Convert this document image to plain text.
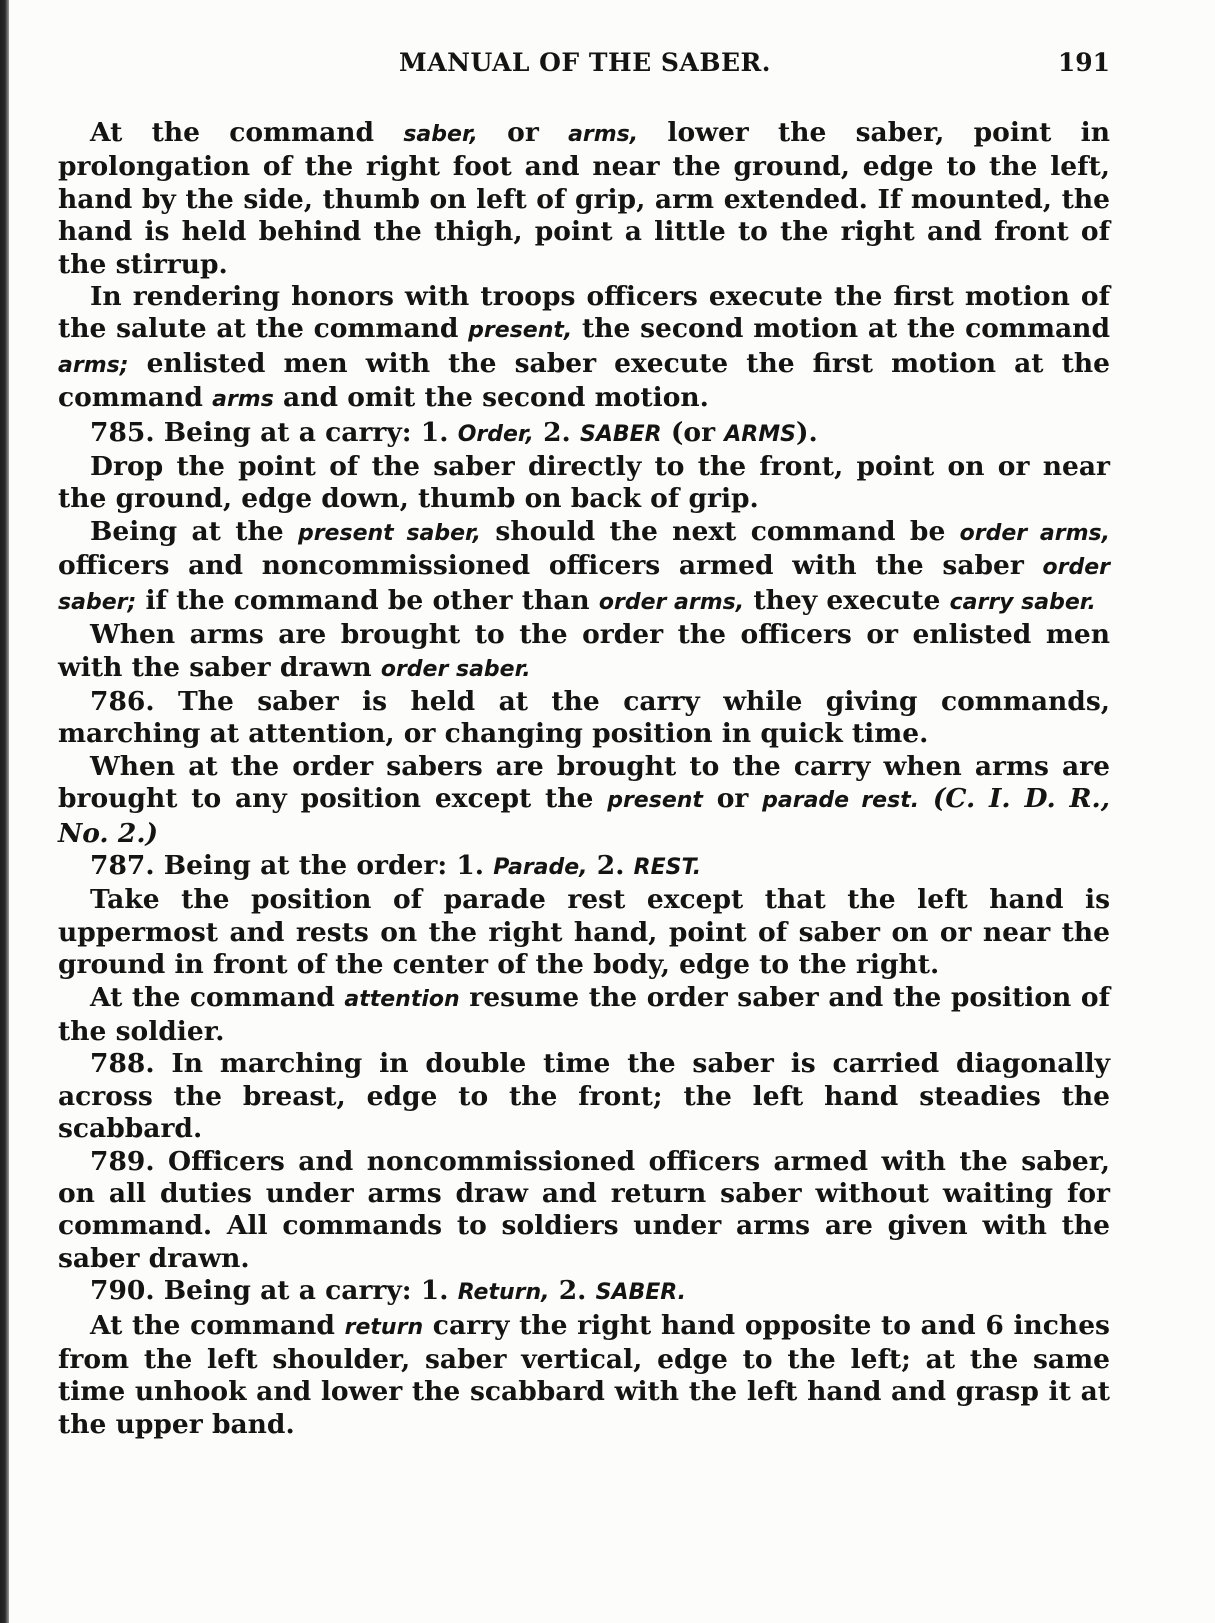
MANUAL OF THE SABER.	191

At the command saber, or arms, lower the saber, point in prolongation of the right foot and near the ground, edge to the left, hand by the side, thumb on left of grip, arm extended. If mounted, the hand is held behind the thigh, point a little to the right and front of the stirrup.

In rendering honors with troops officers execute the first motion of the salute at the command present, the second motion at the command arms; enlisted men with the saber execute the first motion at the command arms and omit the second motion.

785. Being at a carry: 1. Order, 2. SABER (or ARMS).

Drop the point of the saber directly to the front, point on or near the ground, edge down, thumb on back of grip.

Being at the present saber, should the next command be order arms, officers and noncommissioned officers armed with the saber order saber; if the command be other than order arms, they execute carry saber.

When arms are brought to the order the officers or enlisted men with the saber drawn order saber.

786. The saber is held at the carry while giving commands, marching at attention, or changing position in quick time.

When at the order sabers are brought to the carry when arms are brought to any position except the present or parade rest. (C. I. D. R., No. 2.)

787. Being at the order: 1. Parade, 2. REST.

Take the position of parade rest except that the left hand is uppermost and rests on the right hand, point of saber on or near the ground in front of the center of the body, edge to the right.

At the command attention resume the order saber and the position of the soldier.

788. In marching in double time the saber is carried diagonally across the breast, edge to the front; the left hand steadies the scabbard.

789. Officers and noncommissioned officers armed with the saber, on all duties under arms draw and return saber without waiting for command. All commands to soldiers under arms are given with the saber drawn.

790. Being at a carry: 1. Return, 2. SABER.

At the command return carry the right hand opposite to and 6 inches from the left shoulder, saber vertical, edge to the left; at the same time unhook and lower the scabbard with the left hand and grasp it at the upper band.
